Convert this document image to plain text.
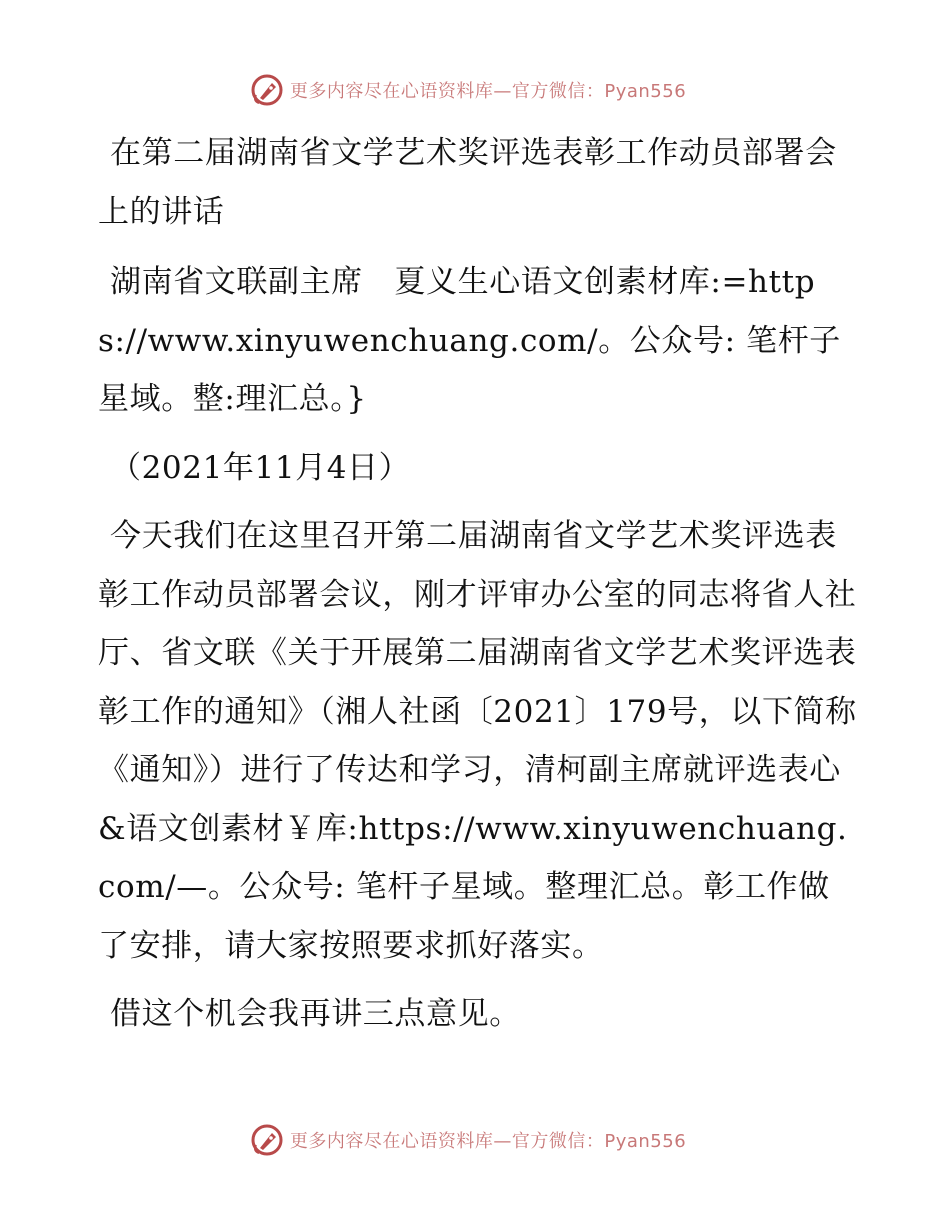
更多内容尽在心语资料库—官方微信：Pyan556

在第二届湖南省文学艺术奖评选表彰工作动员部署会上的讲话

湖南省文联副主席　夏义生心语文创素材库:=https://www.xinyuwenchuang.com/。公众号: 笔杆子星域。整:理汇总。}

（2021年11月4日）

今天我们在这里召开第二届湖南省文学艺术奖评选表彰工作动员部署会议，刚才评审办公室的同志将省人社厅、省文联《关于开展第二届湖南省文学艺术奖评选表彰工作的通知》（湘人社函〔2021〕179号，以下简称《通知》）进行了传达和学习，清柯副主席就评选表心&语文创素材￥库:https://www.xinyuwenchuang.com/—。公众号: 笔杆子星域。整理汇总。彰工作做了安排，请大家按照要求抓好落实。

借这个机会我再讲三点意见。

更多内容尽在心语资料库—官方微信：Pyan556
